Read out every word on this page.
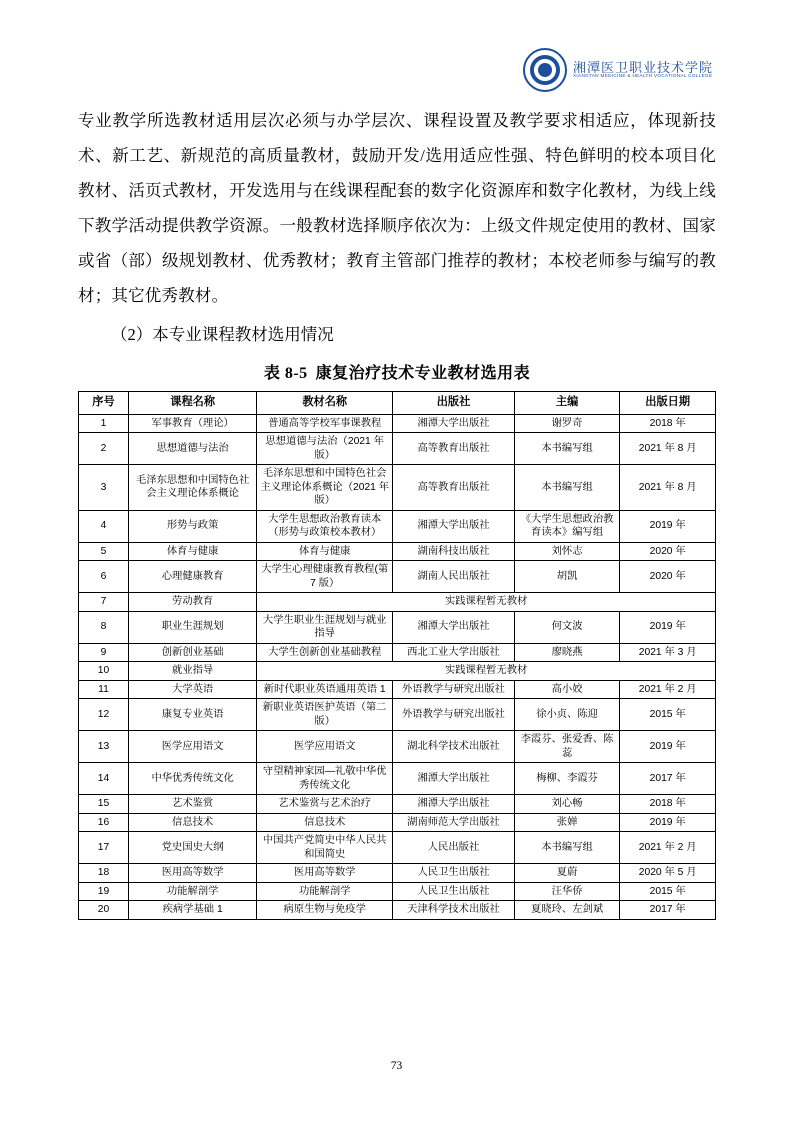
湘潭医卫职业技术学院
XIANGTAN MEDICINE & HEALTH VOCATIONAL COLLEGE
专业教学所选教材适用层次必须与办学层次、课程设置及教学要求相适应，体现新技术、新工艺、新规范的高质量教材，鼓励开发/选用适应性强、特色鲜明的校本项目化教材、活页式教材，开发选用与在线课程配套的数字化资源库和数字化教材，为线上线下教学活动提供教学资源。一般教材选择顺序依次为：上级文件规定使用的教材、国家或省（部）级规划教材、优秀教材；教育主管部门推荐的教材；本校老师参与编写的教材；其它优秀教材。
（2）本专业课程教材选用情况
表 8-5 康复治疗技术专业教材选用表
序号	课程名称	教材名称	出版社	主编	出版日期
1	军事教育（理论）	普通高等学校军事课教程	湘潭大学出版社	谢罗奇	2018 年
2	思想道德与法治	思想道德与法治（2021 年版）	高等教育出版社	本书编写组	2021 年 8 月
3	毛泽东思想和中国特色社会主义理论体系概论	毛泽东思想和中国特色社会主义理论体系概论（2021 年版）	高等教育出版社	本书编写组	2021 年 8 月
4	形势与政策	大学生思想政治教育读本（形势与政策校本教材）	湘潭大学出版社	《大学生思想政治教育读本》编写组	2019 年
5	体育与健康	体育与健康	湖南科技出版社	刘怀志	2020 年
6	心理健康教育	大学生心理健康教育教程(第 7 版）	湖南人民出版社	胡凯	2020 年
7	劳动教育	实践课程暂无教材			
8	职业生涯规划	大学生职业生涯规划与就业指导	湘潭大学出版社	何文波	2019 年
9	创新创业基础	大学生创新创业基础教程	西北工业大学出版社	廖晓燕	2021 年 3 月
10	就业指导	实践课程暂无教材			
11	大学英语	新时代职业英语通用英语 1	外语教学与研究出版社	高小姣	2021 年 2 月
12	康复专业英语	新职业英语医护英语（第二版）	外语教学与研究出版社	徐小贞、陈迎	2015 年
13	医学应用语文	医学应用语文	湖北科学技术出版社	李霞芬、张爱香、陈蕊	2019 年
14	中华优秀传统文化	守望精神家园—礼敬中华优秀传统文化	湘潭大学出版社	梅柳、李霞芬	2017 年
15	艺术鉴赏	艺术鉴赏与艺术治疗	湘潭大学出版社	刘心畅	2018 年
16	信息技术	信息技术	湖南师范大学出版社	张婵	2019 年
17	党史国史大纲	中国共产党简史中华人民共和国简史	人民出版社	本书编写组	2021 年 2 月
18	医用高等数学	医用高等数学	人民卫生出版社	夏蔚	2020 年 5 月
19	功能解剖学	功能解剖学	人民卫生出版社	汪华侨	2015 年
20	疾病学基础 1	病原生物与免疫学	天津科学技术出版社	夏晓玲、左剑斌	2017 年
73
